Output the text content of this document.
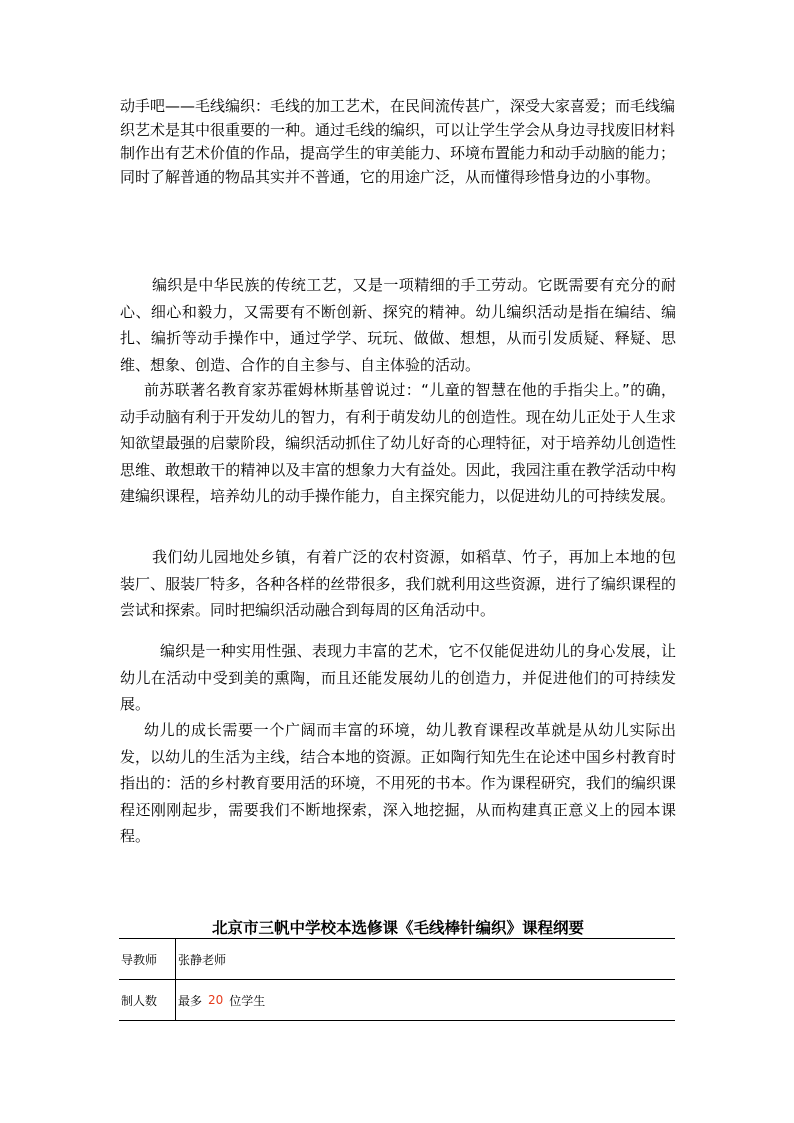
动手吧——毛线编织：毛线的加工艺术，在民间流传甚广，深受大家喜爱；而毛线编织艺术是其中很重要的一种。通过毛线的编织，可以让学生学会从身边寻找废旧材料制作出有艺术价值的作品，提高学生的审美能力、环境布置能力和动手动脑的能力；同时了解普通的物品其实并不普通，它的用途广泛，从而懂得珍惜身边的小事物。

编织是中华民族的传统工艺，又是一项精细的手工劳动。它既需要有充分的耐心、细心和毅力，又需要有不断创新、探究的精神。幼儿编织活动是指在编结、编扎、编折等动手操作中，通过学学、玩玩、做做、想想，从而引发质疑、释疑、思维、想象、创造、合作的自主参与、自主体验的活动。

前苏联著名教育家苏霍姆林斯基曾说过：“儿童的智慧在他的手指尖上。”的确，动手动脑有利于开发幼儿的智力，有利于萌发幼儿的创造性。现在幼儿正处于人生求知欲望最强的启蒙阶段，编织活动抓住了幼儿好奇的心理特征，对于培养幼儿创造性思维、敢想敢干的精神以及丰富的想象力大有益处。因此，我园注重在教学活动中构建编织课程，培养幼儿的动手操作能力，自主探究能力，以促进幼儿的可持续发展。

我们幼儿园地处乡镇，有着广泛的农村资源，如稻草、竹子，再加上本地的包装厂、服装厂特多，各种各样的丝带很多，我们就利用这些资源，进行了编织课程的尝试和探索。同时把编织活动融合到每周的区角活动中。

编织是一种实用性强、表现力丰富的艺术，它不仅能促进幼儿的身心发展，让幼儿在活动中受到美的熏陶，而且还能发展幼儿的创造力，并促进他们的可持续发展。

幼儿的成长需要一个广阔而丰富的环境，幼儿教育课程改革就是从幼儿实际出发，以幼儿的生活为主线，结合本地的资源。正如陶行知先生在论述中国乡村教育时指出的：活的乡村教育要用活的环境，不用死的书本。作为课程研究，我们的编织课程还刚刚起步，需要我们不断地探索，深入地挖掘，从而构建真正意义上的园本课程。

北京市三帆中学校本选修课《毛线棒针编织》课程纲要
导教师	张静老师
制人数	最多 20 位学生
